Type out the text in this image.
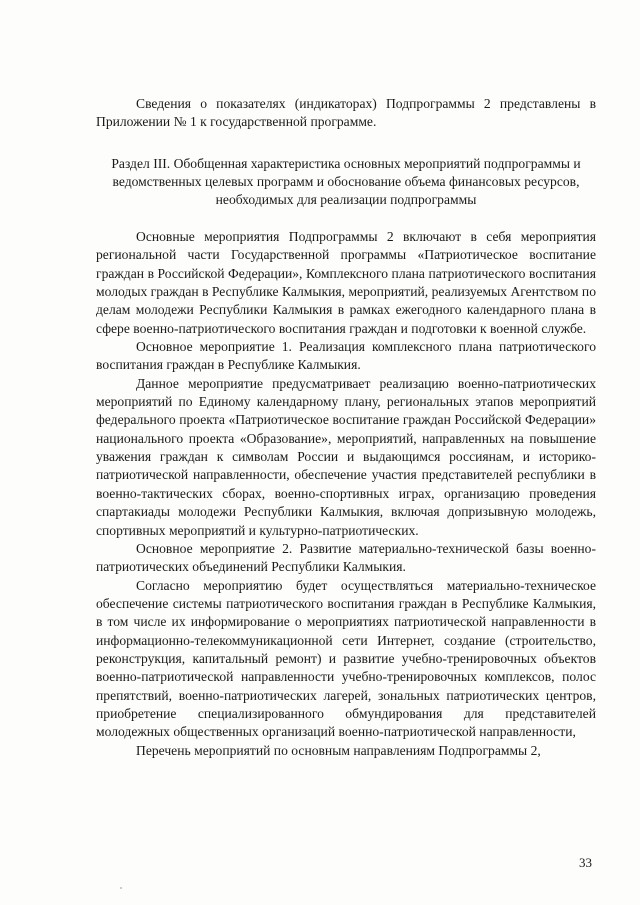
Сведения о показателях (индикаторах) Подпрограммы 2 представлены в Приложении № 1 к государственной программе.

Раздел III. Обобщенная характеристика основных мероприятий подпрограммы и ведомственных целевых программ и обоснование объема финансовых ресурсов, необходимых для реализации подпрограммы

Основные мероприятия Подпрограммы 2 включают в себя мероприятия региональной части Государственной программы «Патриотическое воспитание граждан в Российской Федерации», Комплексного плана патриотического воспитания молодых граждан в Республике Калмыкия, мероприятий, реализуемых Агентством по делам молодежи Республики Калмыкия в рамках ежегодного календарного плана в сфере военно-патриотического воспитания граждан и подготовки к военной службе.

Основное мероприятие 1. Реализация комплексного плана патриотического воспитания граждан в Республике Калмыкия.

Данное мероприятие предусматривает реализацию военно-патриотических мероприятий по Единому календарному плану, региональных этапов мероприятий федерального проекта «Патриотическое воспитание граждан Российской Федерации» национального проекта «Образование», мероприятий, направленных на повышение уважения граждан к символам России и выдающимся россиянам, и историко-патриотической направленности, обеспечение участия представителей республики в военно-тактических сборах, военно-спортивных играх, организацию проведения спартакиады молодежи Республики Калмыкия, включая допризывную молодежь, спортивных мероприятий и культурно-патриотических.

Основное мероприятие 2. Развитие материально-технической базы военно-патриотических объединений Республики Калмыкия.

Согласно мероприятию будет осуществляться материально-техническое обеспечение системы патриотического воспитания граждан в Республике Калмыкия, в том числе их информирование о мероприятиях патриотической направленности в информационно-телекоммуникационной сети Интернет, создание (строительство, реконструкция, капитальный ремонт) и развитие учебно-тренировочных объектов военно-патриотической направленности учебно-тренировочных комплексов, полос препятствий, военно-патриотических лагерей, зональных патриотических центров, приобретение специализированного обмундирования для представителей молодежных общественных организаций военно-патриотической направленности,

Перечень мероприятий по основным направлениям Подпрограммы 2,

33
